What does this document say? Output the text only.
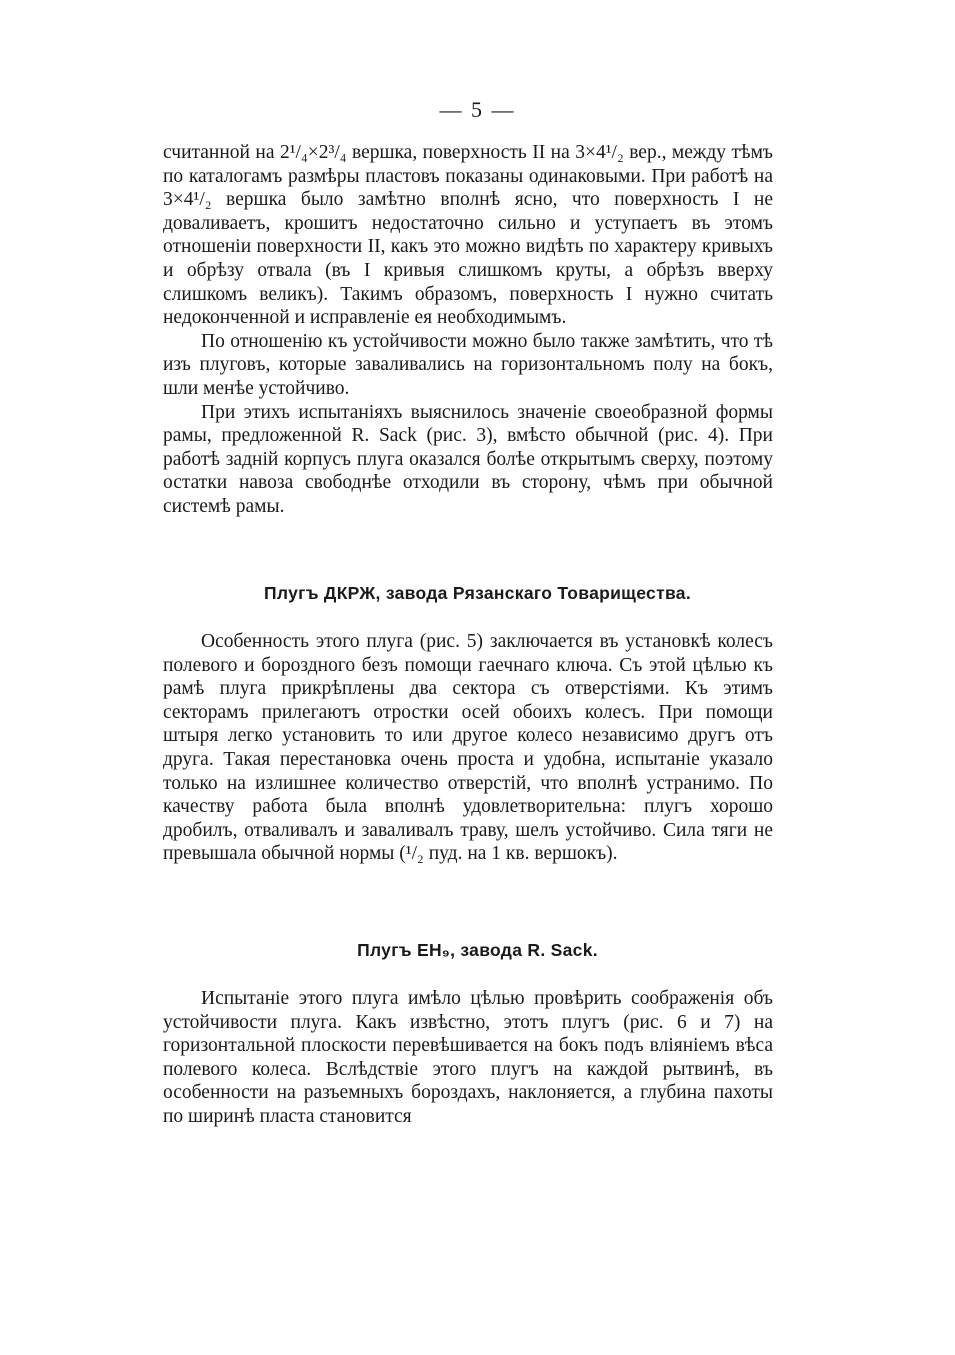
— 5 —

считанной на 2¹/₄×2³/₄ вершка, поверхность II на 3×4¹/₂ вер., между тѣмъ по каталогамъ размѣры пластовъ показаны одинаковыми. При работѣ на 3×4¹/₂ вершка было замѣтно вполнѣ ясно, что поверхность I не доваливаетъ, крошитъ недостаточно сильно и уступаетъ въ этомъ отношеніи поверхности II, какъ это можно видѣть по характеру кривыхъ и обрѣзу отвала (въ I кривыя слишкомъ круты, а обрѣзъ вверху слишкомъ великъ). Такимъ образомъ, поверхность I нужно считать недоконченной и исправленіе ея необходимымъ.

По отношенію къ устойчивости можно было также замѣтить, что тѣ изъ плуговъ, которые заваливались на горизонтальномъ полу на бокъ, шли менѣе устойчиво.

При этихъ испытаніяхъ выяснилось значеніе своеобразной формы рамы, предложенной R. Sack (рис. 3), вмѣсто обычной (рис. 4). При работѣ задній корпусъ плуга оказался болѣе открытымъ сверху, поэтому остатки навоза свободнѣе отходили въ сторону, чѣмъ при обычной системѣ рамы.

Плугъ ДКРЖ, завода Рязанскаго Товарищества.

Особенность этого плуга (рис. 5) заключается въ установкѣ колесъ полевого и бороздного безъ помощи гаечнаго ключа. Съ этой цѣлью къ рамѣ плуга прикрѣплены два сектора съ отверстіями. Къ этимъ секторамъ прилегаютъ отростки осей обоихъ колесъ. При помощи штыря легко установить то или другое колесо независимо другъ отъ друга. Такая перестановка очень проста и удобна, испытаніе указало только на излишнее количество отверстій, что вполнѣ устранимо. По качеству работа была вполнѣ удовлетворительна: плугъ хорошо дробилъ, отваливалъ и заваливалъ траву, шелъ устойчиво. Сила тяги не превышала обычной нормы (¹/₂ пуд. на 1 кв. вершокъ).

Плугъ EH₉, завода R. Sack.

Испытаніе этого плуга имѣло цѣлью провѣрить соображенія объ устойчивости плуга. Какъ извѣстно, этотъ плугъ (рис. 6 и 7) на горизонтальной плоскости перевѣшивается на бокъ подъ вліяніемъ вѣса полевого колеса. Вслѣдствіе этого плугъ на каждой рытвинѣ, въ особенности на разъемныхъ бороздахъ, наклоняется, а глубина пахоты по ширинѣ пласта становится
